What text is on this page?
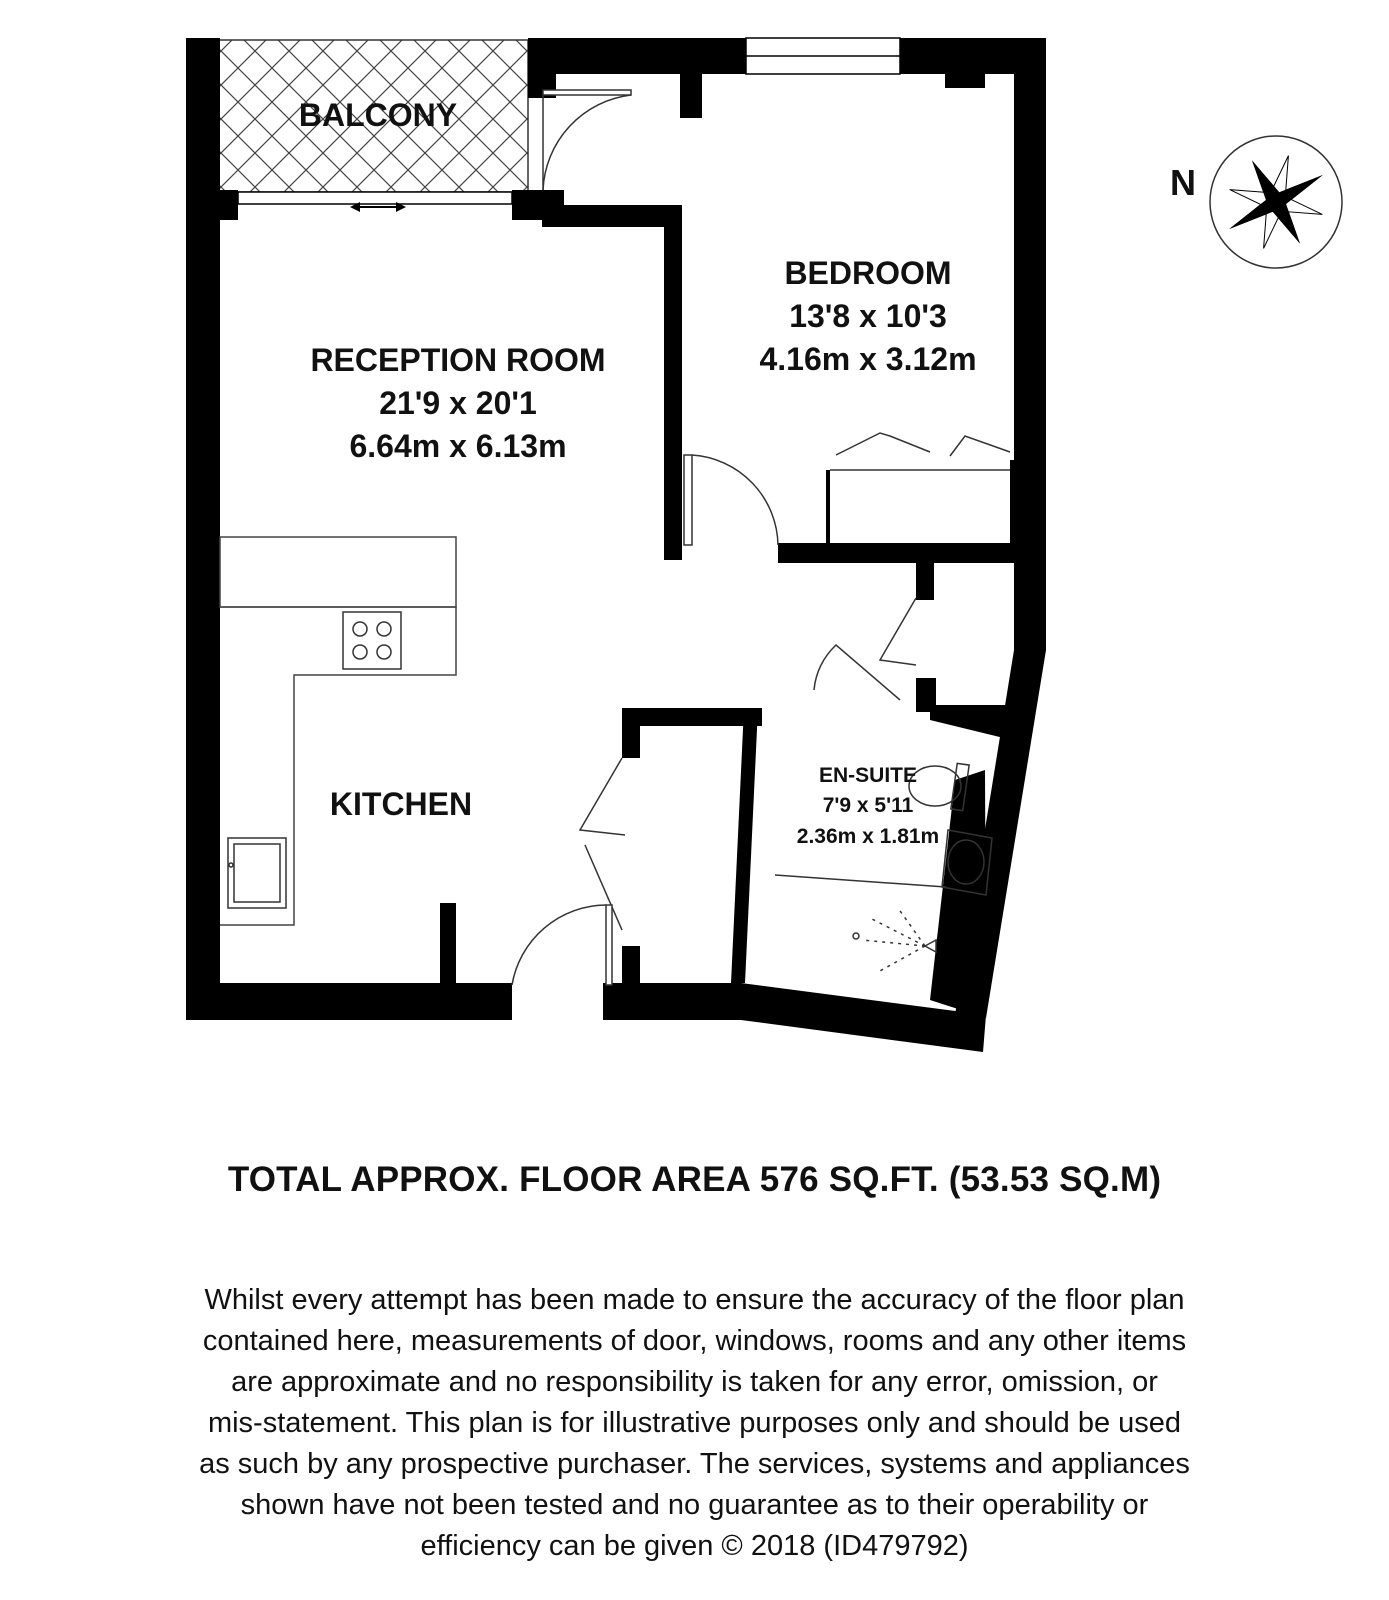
BALCONY
RECEPTION ROOM
21'9 x 20'1
6.64m x 6.13m
BEDROOM
13'8 x 10'3
4.16m x 3.12m
KITCHEN
EN-SUITE
7'9 x 5'11
2.36m x 1.81m
N

TOTAL APPROX. FLOOR AREA 576 SQ.FT. (53.53 SQ.M)

Whilst every attempt has been made to ensure the accuracy of the floor plan
contained here, measurements of door, windows, rooms and any other items
are approximate and no responsibility is taken for any error, omission, or
mis-statement. This plan is for illustrative purposes only and should be used
as such by any prospective purchaser. The services, systems and appliances
shown have not been tested and no guarantee as to their operability or
efficiency can be given © 2018 (ID479792)
